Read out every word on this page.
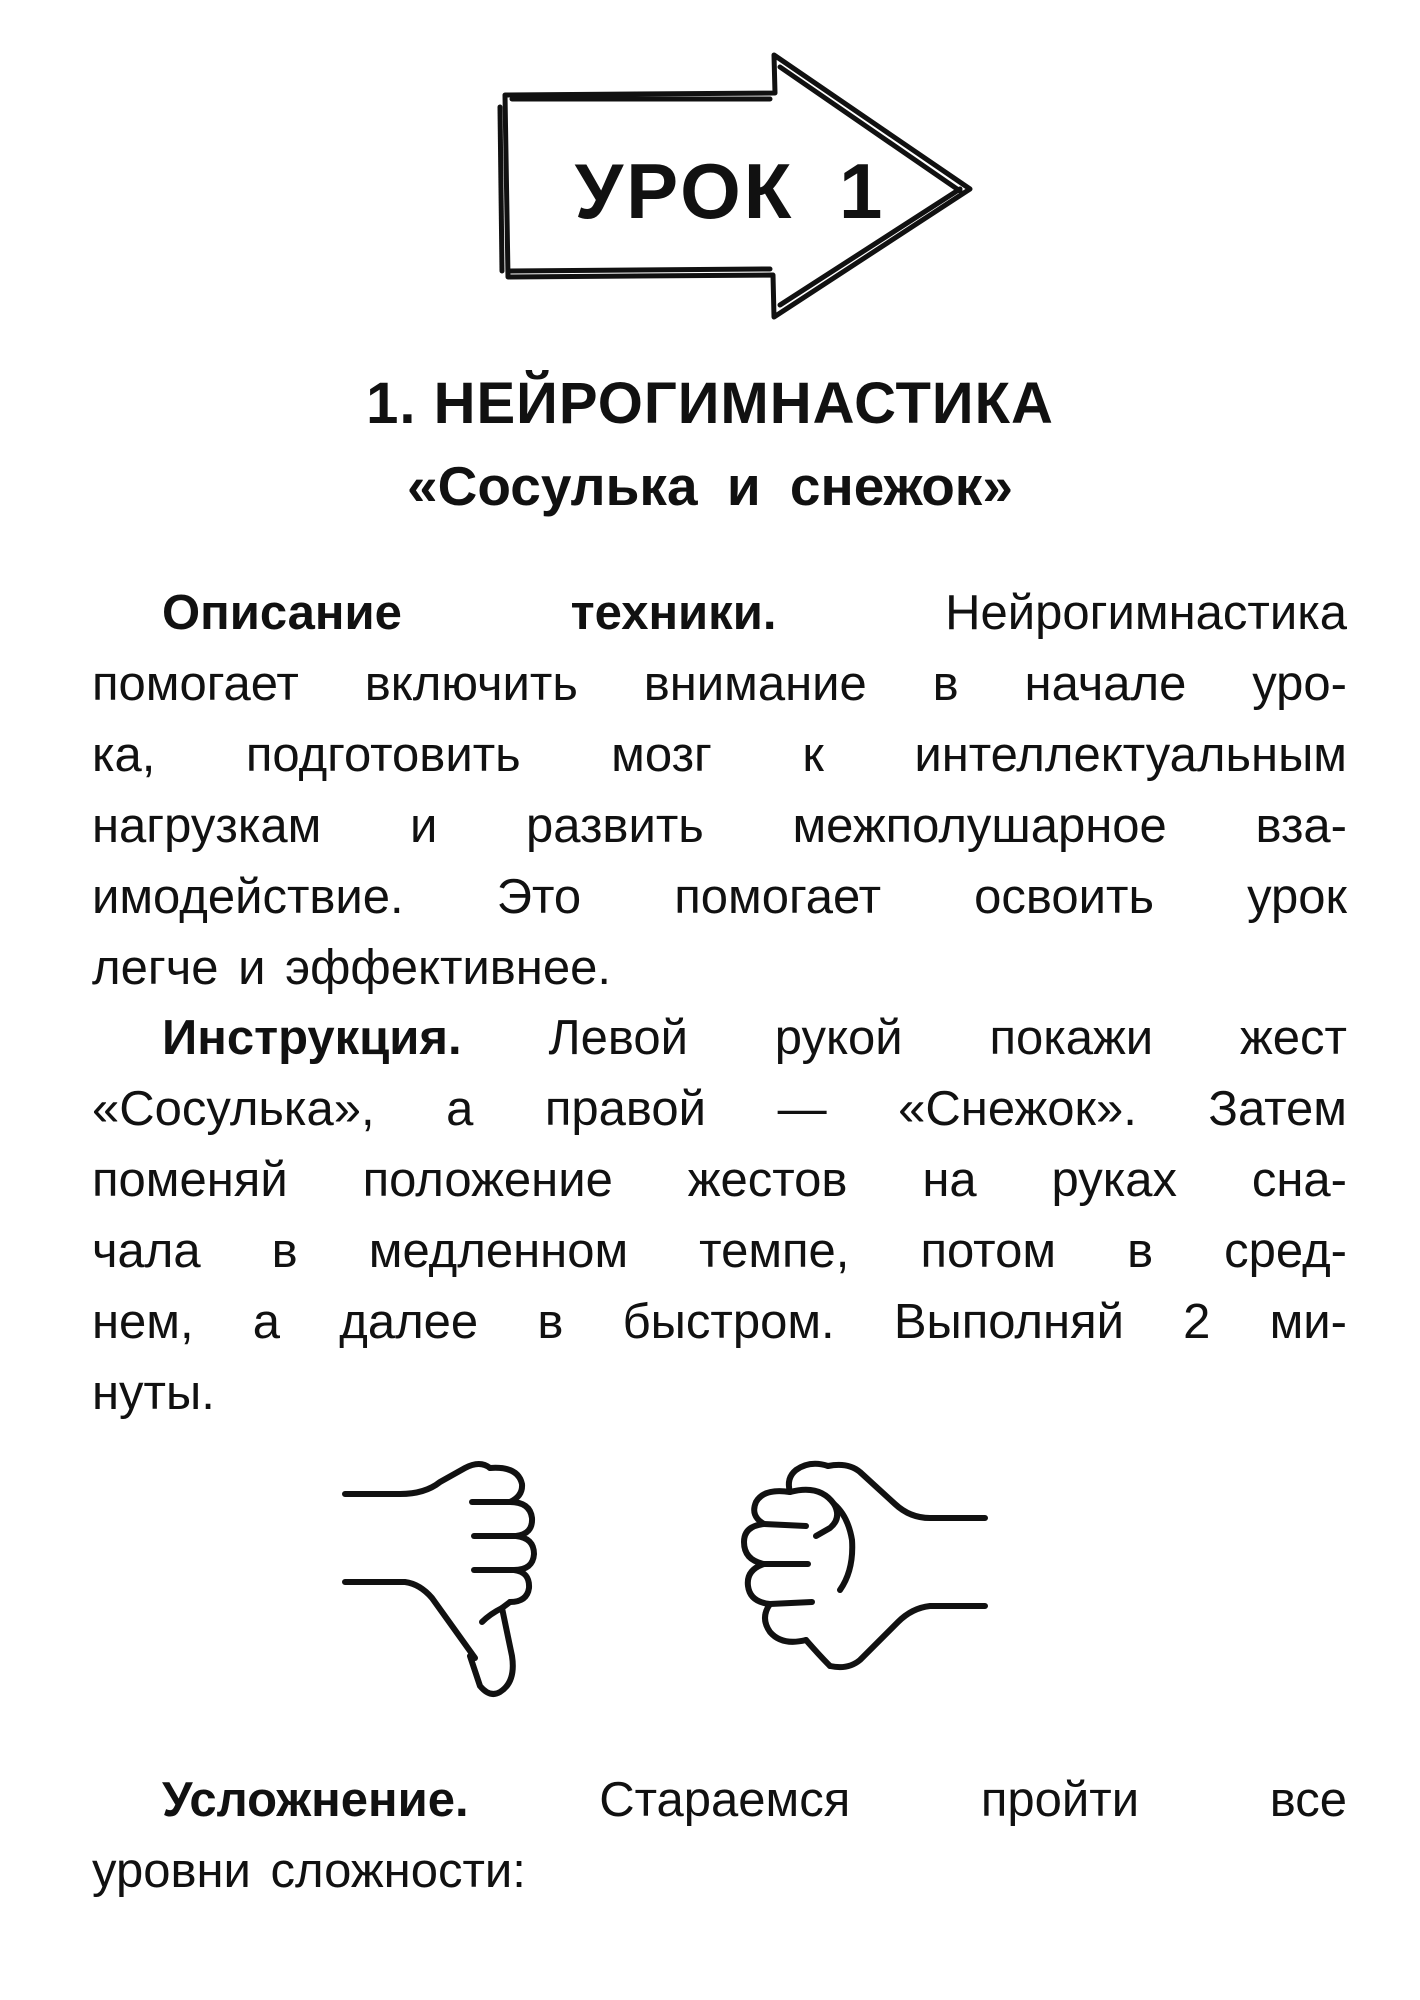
УРОК 1
1. НЕЙРОГИМНАСТИКА
«Сосулька и снежок»
Описание техники.	Нейрогимнастика
помогает включить внимание в начале уро-
ка, подготовить мозг к интеллектуальным
нагрузкам и развить межполушарное вза-
имодействие. Это помогает освоить урок
легче и эффективнее.
Инструкция. Левой рукой покажи жест
«Сосулька», а правой — «Снежок». Затем
поменяй положение жестов на руках сна-
чала в медленном темпе, потом в сред-
нем, а далее в быстром. Выполняй 2 ми-
нуты.
Усложнение.	Стараемся пройти все
уровни сложности:
